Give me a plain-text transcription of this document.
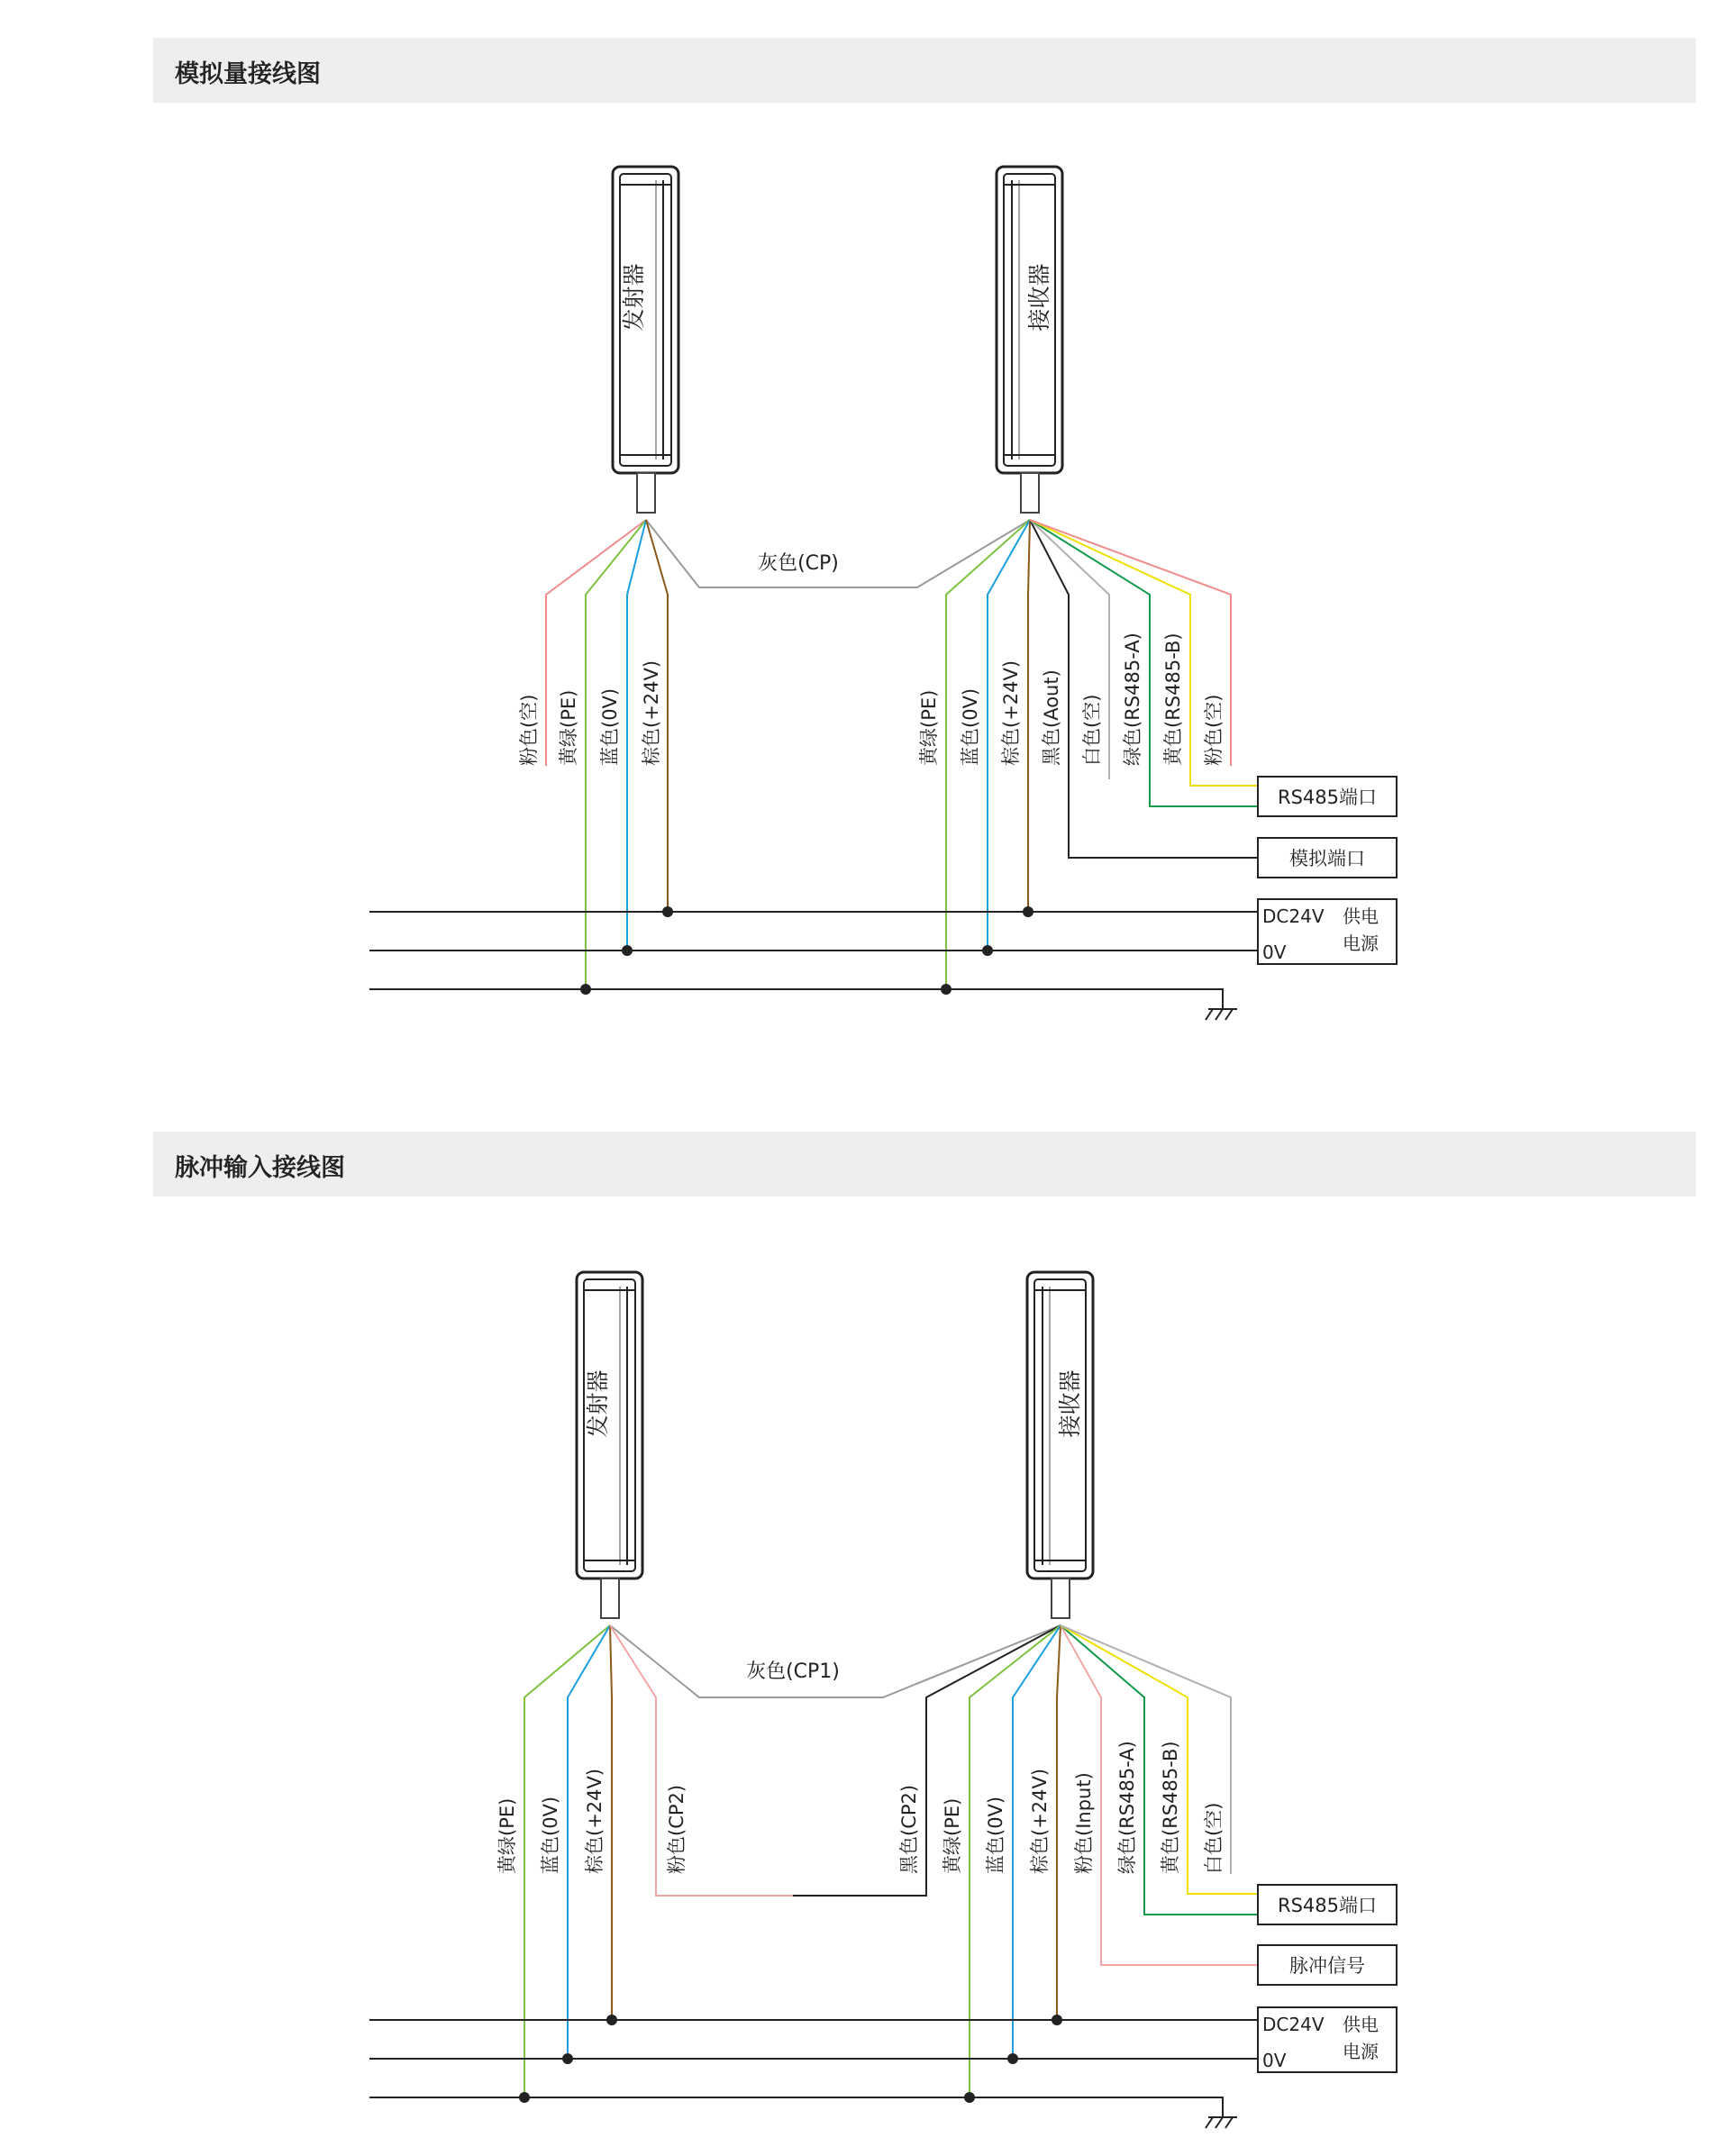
模拟量接线图
脉冲输入接线图
发射器	接收器
灰色(CP)
粉色(空) 黄绿(PE) 蓝色(0V) 棕色(+24V)	黄绿(PE) 蓝色(0V) 棕色(+24V) 黑色(Aout) 白色(空) 绿色(RS485-A) 黄色(RS485-B) 粉色(空)
RS485端口
模拟端口
DC24V
0V
供电
电源
发射器	接收器
灰色(CP1)
黄绿(PE) 蓝色(0V) 棕色(+24V)	粉色(CP2)	黑色(CP2) 黄绿(PE) 蓝色(0V) 棕色(+24V) 粉色(Input) 绿色(RS485-A) 黄色(RS485-B) 白色(空)
RS485端口
脉冲信号
DC24V
0V
供电
电源
